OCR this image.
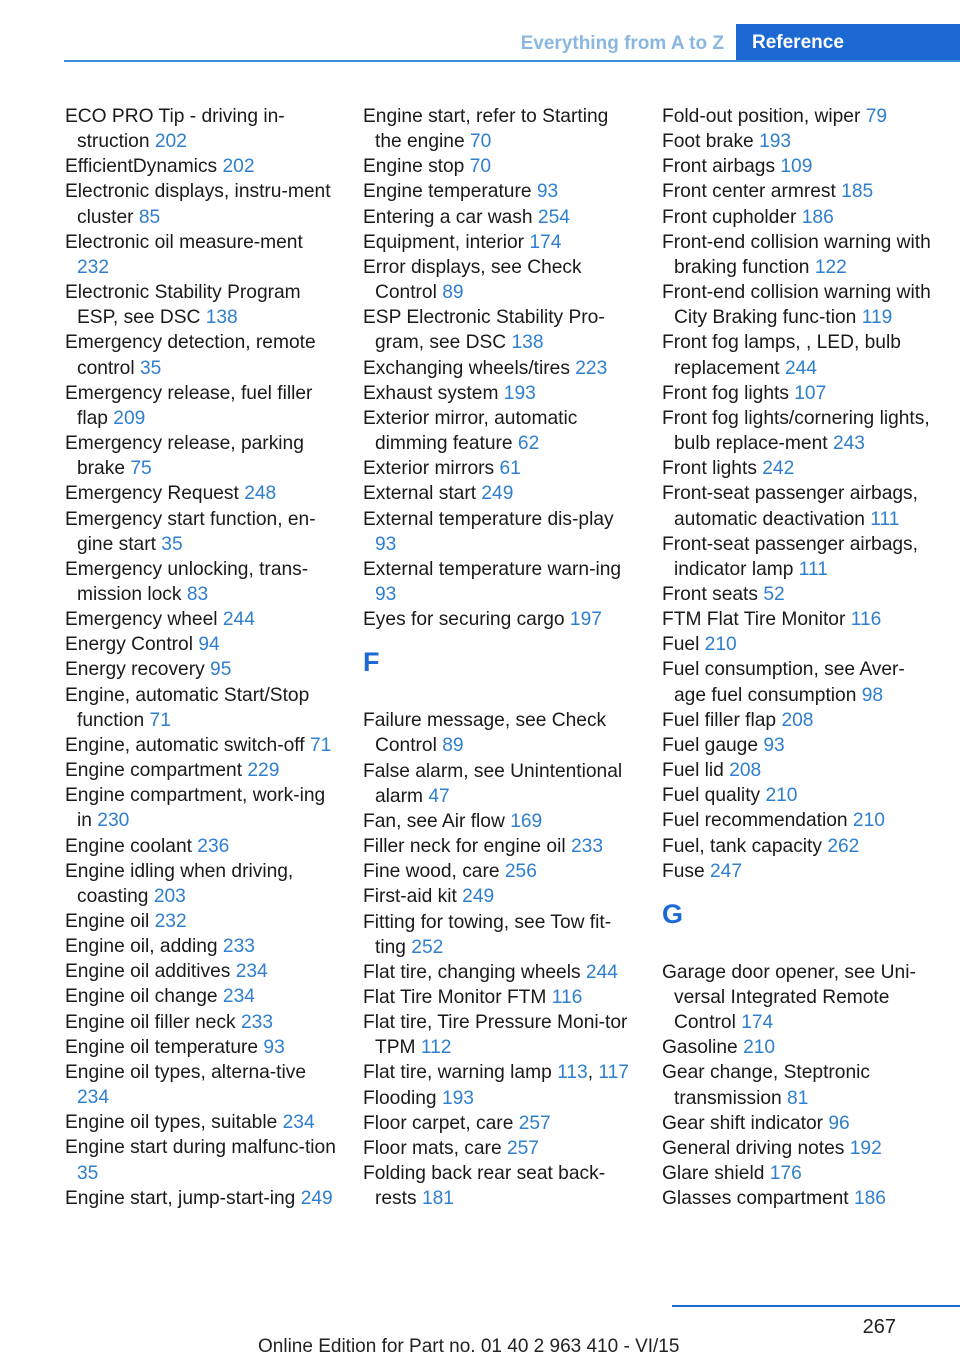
Everything from A to Z	Reference

ECO PRO Tip - driving in-struction 202

EfficientDynamics 202

Electronic displays, instru-ment cluster 85

Electronic oil measure-ment 232

Electronic Stability Program ESP, see DSC 138

Emergency detection, remote control 35

Emergency release, fuel filler flap 209

Emergency release, parking brake 75

Emergency Request 248

Emergency start function, en-gine start 35

Emergency unlocking, trans-mission lock 83

Emergency wheel 244

Energy Control 94

Energy recovery 95

Engine, automatic Start/Stop function 71

Engine, automatic switch-off 71

Engine compartment 229

Engine compartment, work-ing in 230

Engine coolant 236

Engine idling when driving, coasting 203

Engine oil 232

Engine oil, adding 233

Engine oil additives 234

Engine oil change 234

Engine oil filler neck 233

Engine oil temperature 93

Engine oil types, alterna-tive 234

Engine oil types, suitable 234

Engine start during malfunc-tion 35

Engine start, jump-start-ing 249

Engine start, refer to Starting the engine 70

Engine stop 70

Engine temperature 93

Entering a car wash 254

Equipment, interior 174

Error displays, see Check Control 89

ESP Electronic Stability Pro-gram, see DSC 138

Exchanging wheels/tires 223

Exhaust system 193

Exterior mirror, automatic dimming feature 62

Exterior mirrors 61

External start 249

External temperature dis-play 93

External temperature warn-ing 93

Eyes for securing cargo 197

F

Failure message, see Check Control 89

False alarm, see Unintentional alarm 47

Fan, see Air flow 169

Filler neck for engine oil 233

Fine wood, care 256

First-aid kit 249

Fitting for towing, see Tow fit-ting 252

Flat tire, changing wheels 244

Flat Tire Monitor FTM 116

Flat tire, Tire Pressure Moni-tor TPM 112

Flat tire, warning lamp 113, 117

Flooding 193

Floor carpet, care 257

Floor mats, care 257

Folding back rear seat back-rests 181

Fold-out position, wiper 79

Foot brake 193

Front airbags 109

Front center armrest 185

Front cupholder 186

Front-end collision warning with braking function 122

Front-end collision warning with City Braking func-tion 119

Front fog lamps, , LED, bulb replacement 244

Front fog lights 107

Front fog lights/cornering lights, bulb replace-ment 243

Front lights 242

Front-seat passenger airbags, automatic deactivation 111

Front-seat passenger airbags, indicator lamp 111

Front seats 52

FTM Flat Tire Monitor 116

Fuel 210

Fuel consumption, see Aver-age fuel consumption 98

Fuel filler flap 208

Fuel gauge 93

Fuel lid 208

Fuel quality 210

Fuel recommendation 210

Fuel, tank capacity 262

Fuse 247

G

Garage door opener, see Uni-versal Integrated Remote Control 174

Gasoline 210

Gear change, Steptronic transmission 81

Gear shift indicator 96

General driving notes 192

Glare shield 176

Glasses compartment 186

267
Online Edition for Part no. 01 40 2 963 410 - VI/15
